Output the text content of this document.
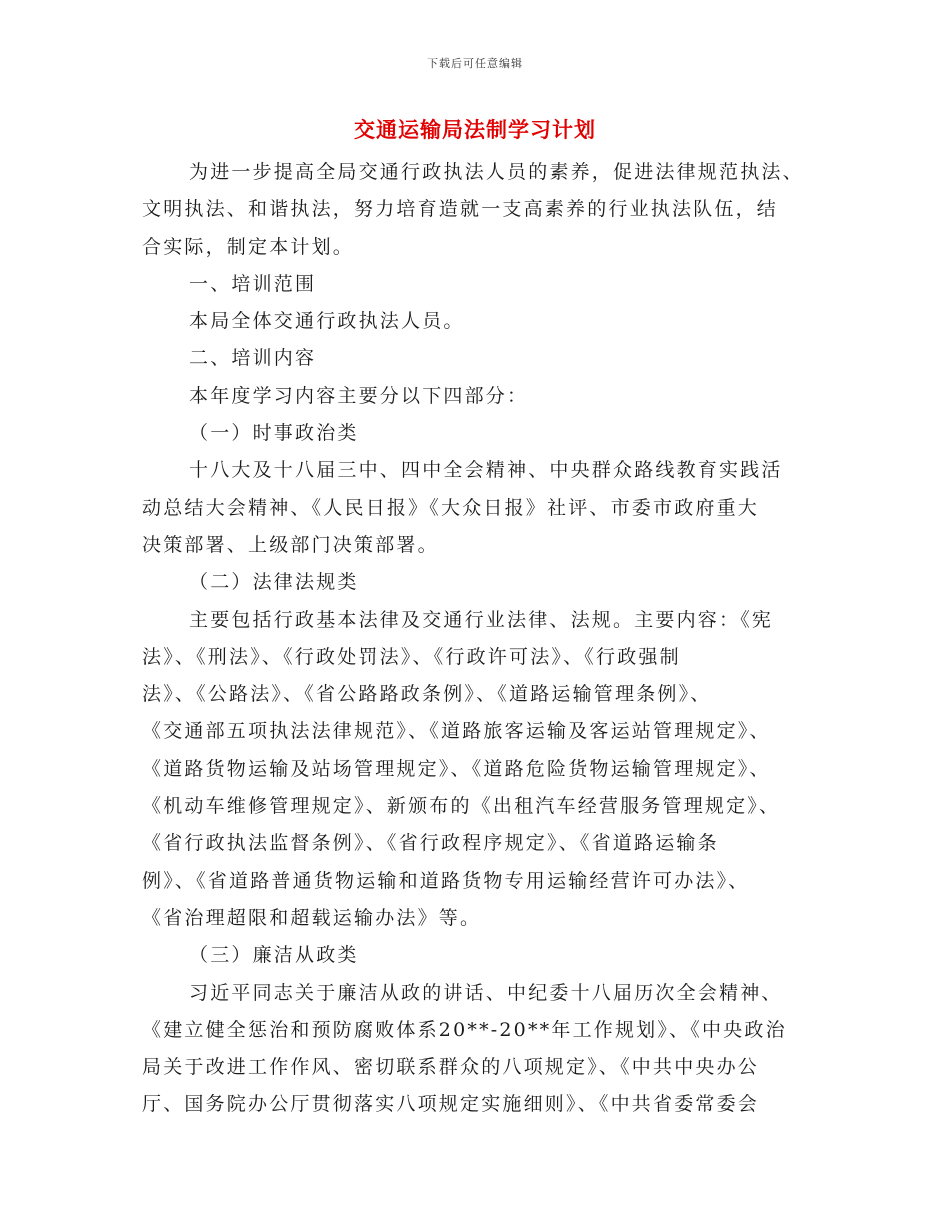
下载后可任意编辑
交通运输局法制学习计划
为进一步提高全局交通行政执法人员的素养，促进法律规范执法、
文明执法、和谐执法，努力培育造就一支高素养的行业执法队伍，结
合实际，制定本计划。
一、培训范围
本局全体交通行政执法人员。
二、培训内容
本年度学习内容主要分以下四部分：
（一）时事政治类
十八大及十八届三中、四中全会精神、中央群众路线教育实践活
动总结大会精神、《人民日报》《大众日报》社评、市委市政府重大
决策部署、上级部门决策部署。
（二）法律法规类
主要包括行政基本法律及交通行业法律、法规。主要内容：《宪
法》、《刑法》、《行政处罚法》、《行政许可法》、《行政强制
法》、《公路法》、《省公路路政条例》、《道路运输管理条例》、
《交通部五项执法法律规范》、《道路旅客运输及客运站管理规定》、
《道路货物运输及站场管理规定》、《道路危险货物运输管理规定》、
《机动车维修管理规定》、新颁布的《出租汽车经营服务管理规定》、
《省行政执法监督条例》、《省行政程序规定》、《省道路运输条
例》、《省道路普通货物运输和道路货物专用运输经营许可办法》、
《省治理超限和超载运输办法》等。
（三）廉洁从政类
习近平同志关于廉洁从政的讲话、中纪委十八届历次全会精神、
《建立健全惩治和预防腐败体系20**-20**年工作规划》、《中央政治
局关于改进工作作风、密切联系群众的八项规定》、《中共中央办公
厅、国务院办公厅贯彻落实八项规定实施细则》、《中共省委常委会
